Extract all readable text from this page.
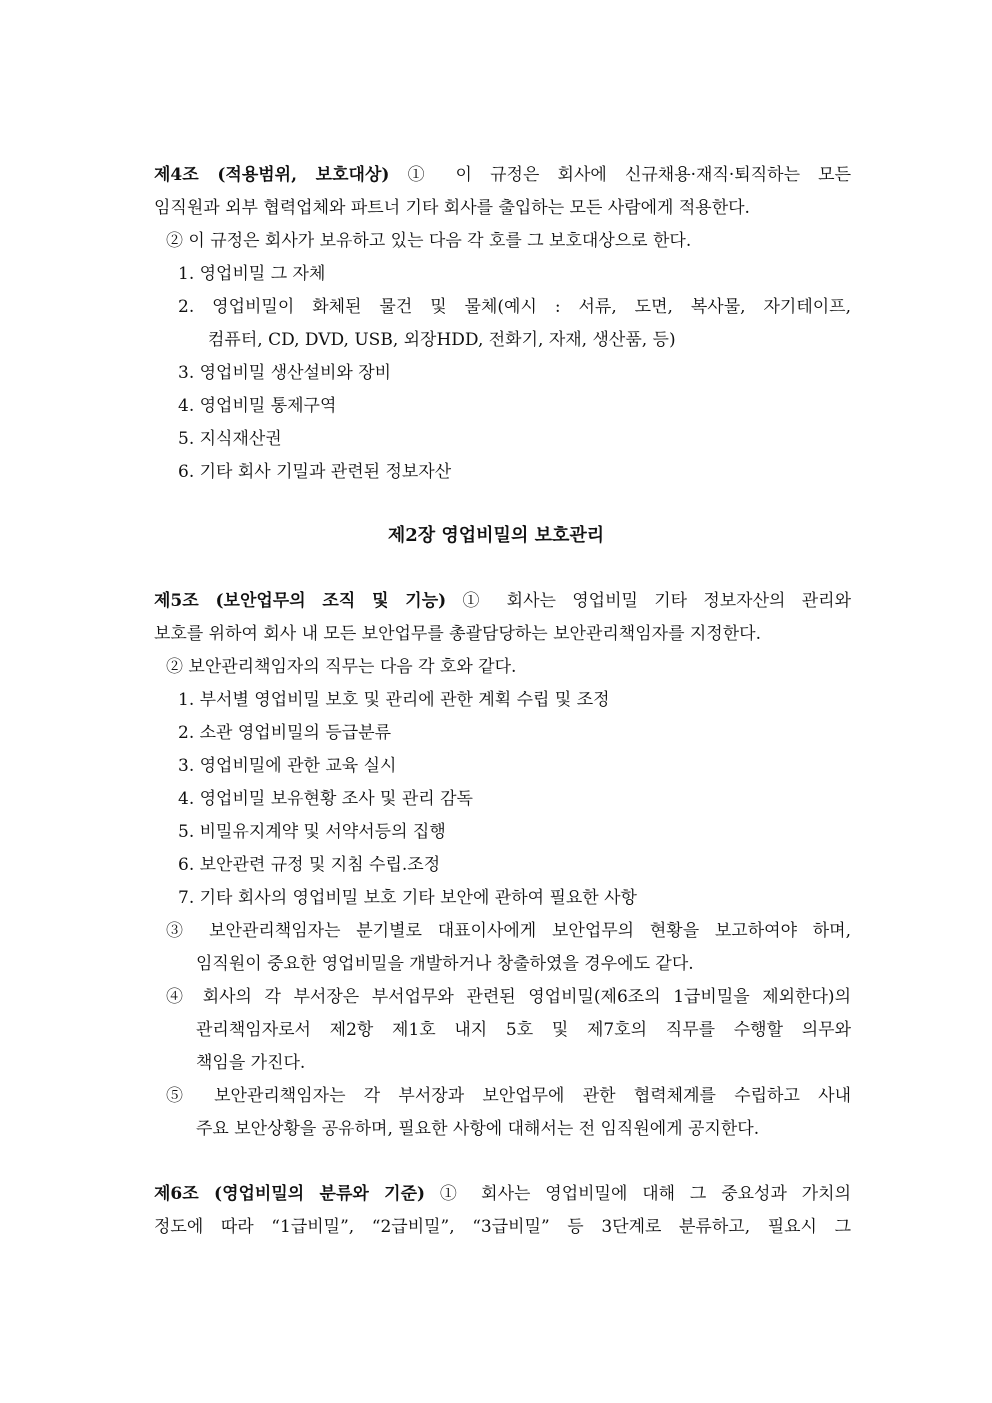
제4조 (적용범위, 보호대상) ① 이 규정은 회사에 신규채용·재직·퇴직하는 모든
임직원과 외부 협력업체와 파트너 기타 회사를 출입하는 모든 사람에게 적용한다.
② 이 규정은 회사가 보유하고 있는 다음 각 호를 그 보호대상으로 한다.
1. 영업비밀 그 자체
2. 영업비밀이 화체된 물건 및 물체(예시 : 서류, 도면, 복사물, 자기테이프,
컴퓨터, CD, DVD, USB, 외장HDD, 전화기, 자재, 생산품, 등)
3. 영업비밀 생산설비와 장비
4. 영업비밀 통제구역
5. 지식재산권
6. 기타 회사 기밀과 관련된 정보자산
제2장 영업비밀의 보호관리
제5조 (보안업무의 조직 및 기능) ① 회사는 영업비밀 기타 정보자산의 관리와
보호를 위하여 회사 내 모든 보안업무를 총괄담당하는 보안관리책임자를 지정한다.
② 보안관리책임자의 직무는 다음 각 호와 같다.
1. 부서별 영업비밀 보호 및 관리에 관한 계획 수립 및 조정
2. 소관 영업비밀의 등급분류
3. 영업비밀에 관한 교육 실시
4. 영업비밀 보유현황 조사 및 관리 감독
5. 비밀유지계약 및 서약서등의 집행
6. 보안관련 규정 및 지침 수립.조정
7. 기타 회사의 영업비밀 보호 기타 보안에 관하여 필요한 사항
③ 보안관리책임자는 분기별로 대표이사에게 보안업무의 현황을 보고하여야 하며,
임직원이 중요한 영업비밀을 개발하거나 창출하였을 경우에도 같다.
④ 회사의 각 부서장은 부서업무와 관련된 영업비밀(제6조의 1급비밀을 제외한다)의
관리책임자로서 제2항 제1호 내지 5호 및 제7호의 직무를 수행할 의무와
책임을 가진다.
⑤ 보안관리책임자는 각 부서장과 보안업무에 관한 협력체계를 수립하고 사내
주요 보안상황을 공유하며, 필요한 사항에 대해서는 전 임직원에게 공지한다.
제6조 (영업비밀의 분류와 기준) ① 회사는 영업비밀에 대해 그 중요성과 가치의
정도에 따라 “1급비밀”, “2급비밀”, “3급비밀” 등 3단계로 분류하고, 필요시 그
